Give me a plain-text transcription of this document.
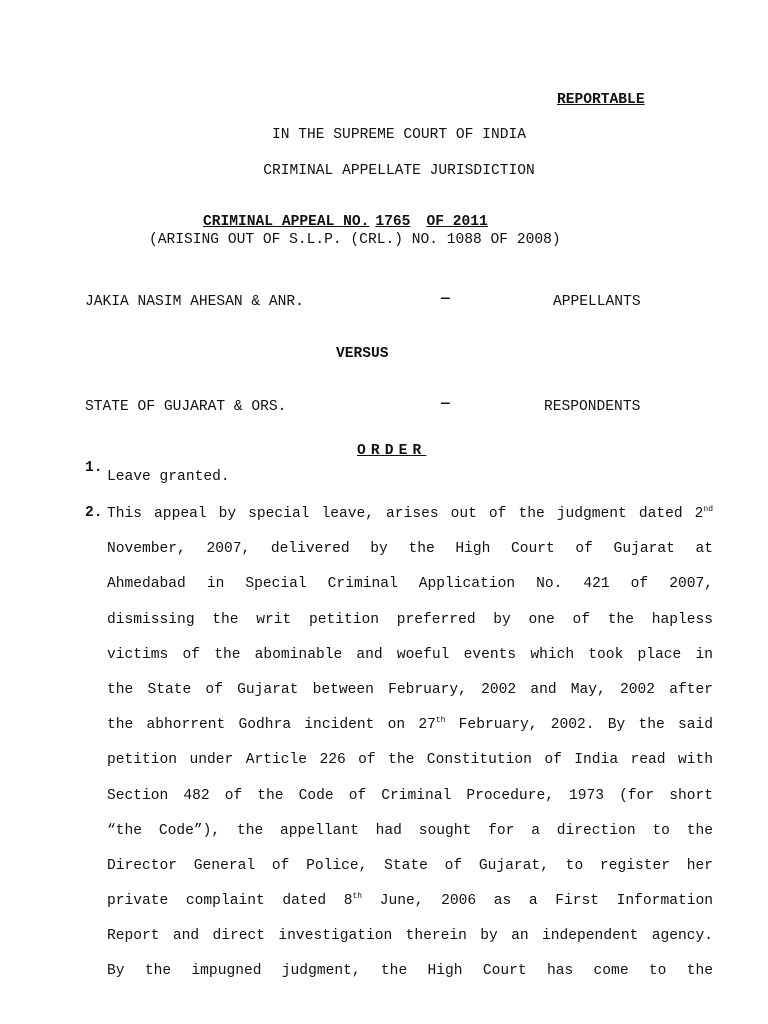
REPORTABLE
IN THE SUPREME COURT OF INDIA
CRIMINAL APPELLATE JURISDICTION
CRIMINAL APPEAL NO. 1765 OF 2011
(ARISING OUT OF S.L.P. (CRL.) NO. 1088 OF 2008)
JAKIA NASIM AHESAN & ANR.	—	APPELLANTS
VERSUS
STATE OF GUJARAT & ORS.	—	RESPONDENTS
ORDER
1.
Leave granted.
2. This appeal by special leave, arises out of the judgment dated 2nd
November, 2007, delivered by the High Court of Gujarat at
Ahmedabad in Special Criminal Application No. 421 of 2007,
dismissing the writ petition preferred by one of the hapless
victims of the abominable and woeful events which took place in
the State of Gujarat between February, 2002 and May, 2002 after
the abhorrent Godhra incident on 27th February, 2002. By the said
petition under Article 226 of the Constitution of India read with
Section 482 of the Code of Criminal Procedure, 1973 (for short
“the Code”), the appellant had sought for a direction to the
Director General of Police, State of Gujarat, to register her
private complaint dated 8th June, 2006 as a First Information
Report and direct investigation therein by an independent agency.
By the impugned judgment, the High Court has come to the
